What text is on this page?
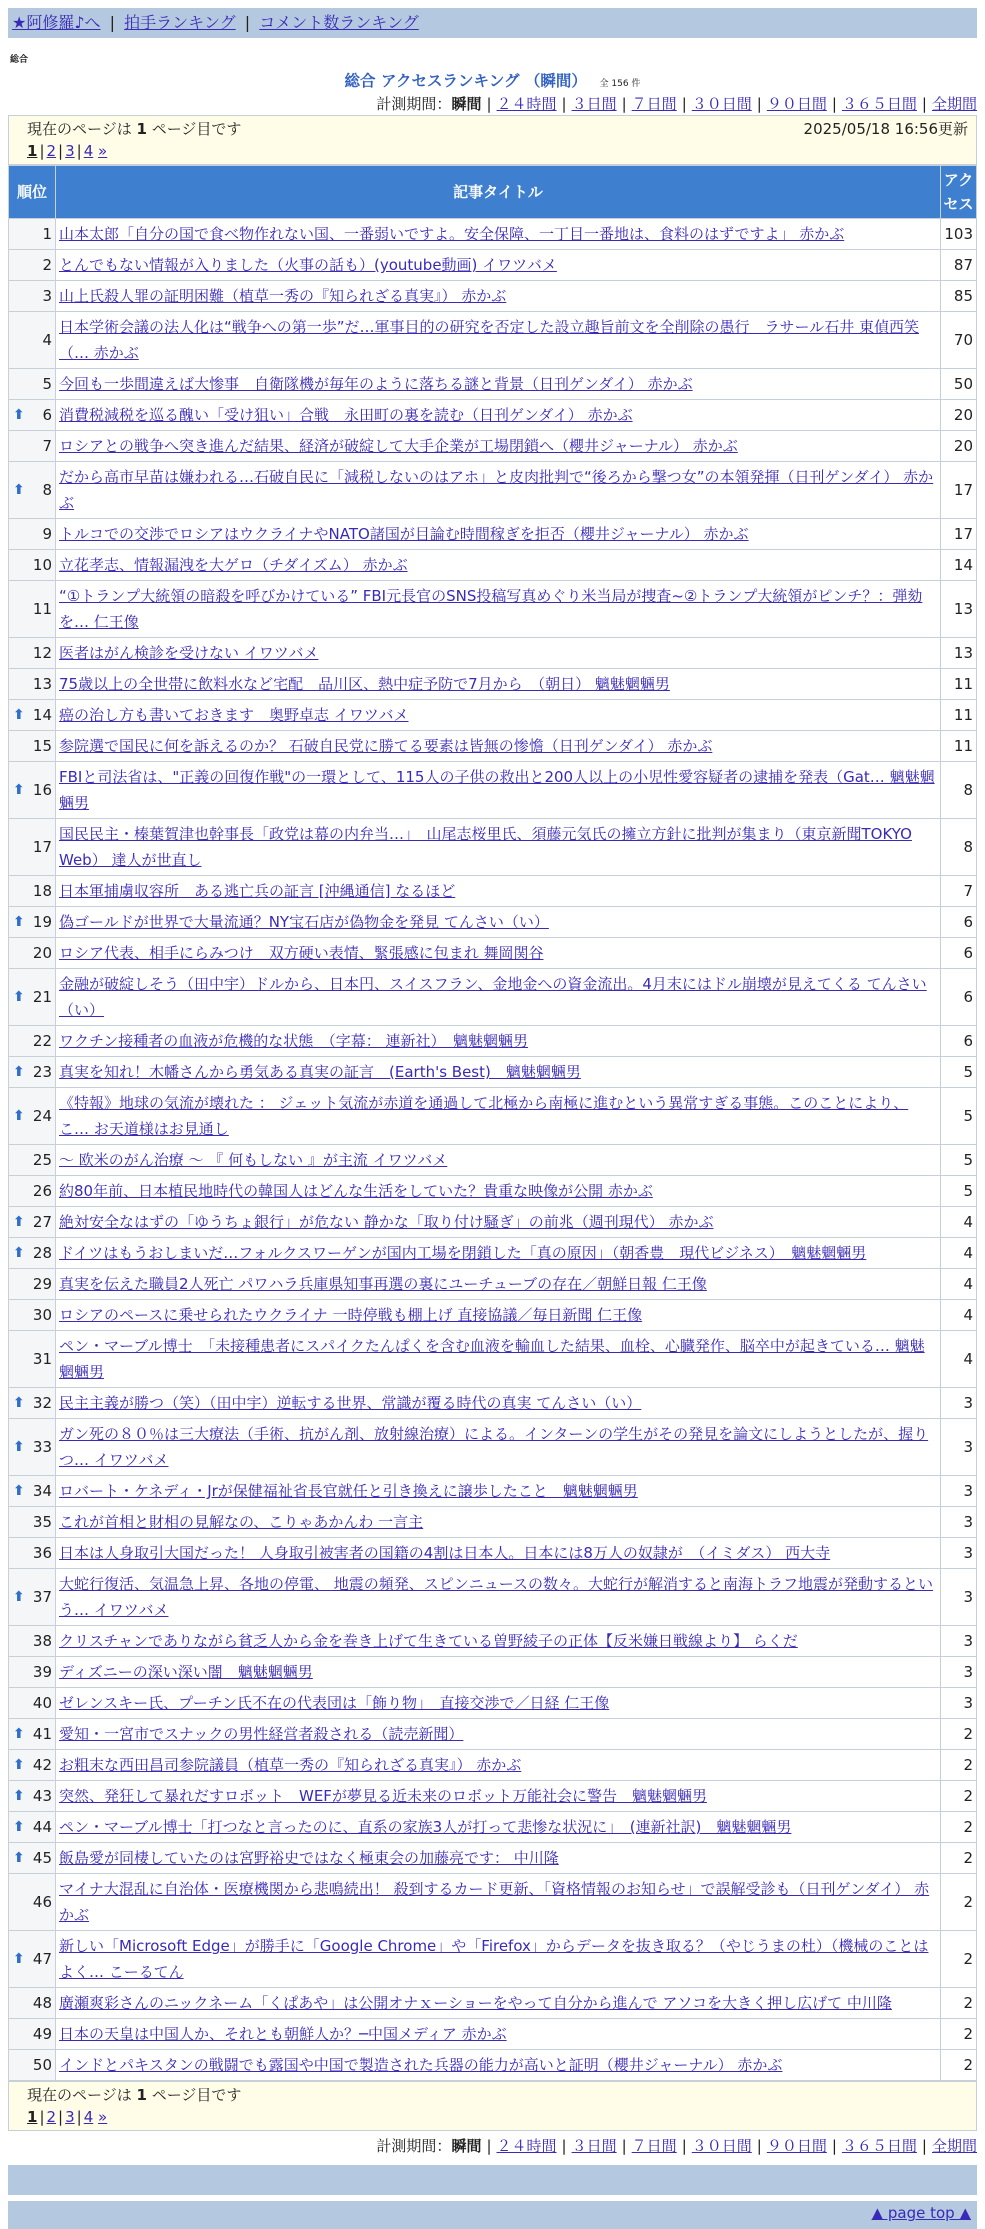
★阿修羅♪へ | 拍手ランキング | コメント数ランキング
総合
総合 アクセスランキング （瞬間） 全 156 件
計測期間：瞬間 | ２４時間 | ３日間 | ７日間 | ３０日間 | ９０日間 | ３６５日間 | 全期間
現在のページは 1 ページ目です	2025/05/18 16:56更新
1 | 2 | 3 | 4 »
順位	記事タイトル	アクセス
1	山本太郎「自分の国で食べ物作れない国、一番弱いですよ。安全保障、一丁目一番地は、食料のはずですよ」 赤かぶ	103
2	とんでもない情報が入りました（火事の話も）(youtube動画) イワツバメ	87
3	山上氏殺人罪の証明困難（植草一秀の『知られざる真実』） 赤かぶ	85
4	日本学術会議の法人化は“戦争への第一歩”だ…軍事目的の研究を否定した設立趣旨前文を全削除の愚行　ラサール石井 東偵西笑（… 赤かぶ	70
5	今回も一歩間違えば大惨事　自衛隊機が毎年のように落ちる謎と背景（日刊ゲンダイ） 赤かぶ	50

⬆ 6	消費税減税を巡る醜い「受け狙い」合戦　永田町の裏を読む（日刊ゲンダイ） 赤かぶ	20
7	ロシアとの戦争へ突き進んだ結果、経済が破綻して大手企業が工場閉鎖へ（櫻井ジャーナル） 赤かぶ	20

⬆ 8	だから高市早苗は嫌われる…石破自民に「減税しないのはアホ」と皮肉批判で“後ろから撃つ女”の本領発揮（日刊ゲンダイ） 赤かぶ	17
9	トルコでの交渉でロシアはウクライナやNATO諸国が目論む時間稼ぎを拒否（櫻井ジャーナル） 赤かぶ	17
10	立花孝志、情報漏洩を大ゲロ（チダイズム） 赤かぶ	14
11	“①トランプ大統領の暗殺を呼びかけている” FBI元長官のSNS投稿写真めぐり米当局が捜査~②トランプ大統領がピンチ？：弾劾を… 仁王像	13
12	医者はがん検診を受けない イワツバメ	13
13	75歳以上の全世帯に飲料水など宅配　品川区、熱中症予防で7月から　（朝日） 魑魅魍魎男	11

⬆ 14	癌の治し方も書いておきます　奥野卓志 イワツバメ	11
15	参院選で国民に何を訴えるのか？ 石破自民党に勝てる要素は皆無の惨憺（日刊ゲンダイ） 赤かぶ	11

⬆ 16	FBIと司法省は、"正義の回復作戦"の一環として、115人の子供の救出と200人以上の小児性愛容疑者の逮捕を発表（Gat… 魑魅魍魎男	8
17	国民民主・榛葉賀津也幹事長「政党は幕の内弁当…」　山尾志桜里氏、須藤元気氏の擁立方針に批判が集まり（東京新聞TOKYO Web） 達人が世直し	8
18	日本軍捕虜収容所　ある逃亡兵の証言 [沖縄通信] なるほど	7

⬆ 19	偽ゴールドが世界で大量流通？NY宝石店が偽物金を発見 てんさい（い）	6
20	ロシア代表、相手にらみつけ　双方硬い表情、緊張感に包まれ 舞岡関谷	6

⬆ 21	金融が破綻しそう（田中宇）ドルから、日本円、スイスフラン、金地金への資金流出。4月末にはドル崩壊が見えてくる てんさい（い）	6
22	ワクチン接種者の血液が危機的な状態　（字幕： 連新社）　魑魅魍魎男	6

⬆ 23	真実を知れ！木幡さんから勇気ある真実の証言　(Earth's Best)　魑魅魍魎男	5

⬆ 24	《特報》地球の気流が壊れた ： ジェット気流が赤道を通過して北極から南極に進むという異常すぎる事態。このことにより、こ… お天道様はお見通し	5
25	〜 欧米のがん治療 〜 『 何もしない 』が主流 イワツバメ	5
26	約80年前、日本植民地時代の韓国人はどんな生活をしていた？貴重な映像が公開 赤かぶ	5

⬆ 27	絶対安全なはずの「ゆうちょ銀行」が危ない 静かな「取り付け騒ぎ」の前兆（週刊現代） 赤かぶ	4

⬆ 28	ドイツはもうおしまいだ…フォルクスワーゲンが国内工場を閉鎖した「真の原因」（朝香豊　現代ビジネス）　魑魅魍魎男	4
29	真実を伝えた職員2人死亡 パワハラ兵庫県知事再選の裏にユーチューブの存在／朝鮮日報 仁王像	4
30	ロシアのペースに乗せられたウクライナ 一時停戦も棚上げ 直接協議／毎日新聞 仁王像	4
31	ペン・マーブル博士　「未接種患者にスパイクたんぱくを含む血液を輸血した結果、血栓、心臓発作、脳卒中が起きている… 魑魅魍魎男	4

⬆ 32	民主主義が勝つ（笑）（田中宇）逆転する世界、常識が覆る時代の真実 てんさい（い）	3

⬆ 33	ガン死の８０％は三大療法（手術、抗がん剤、放射線治療）による。インターンの学生がその発見を論文にしようとしたが、握りつ… イワツバメ	3

⬆ 34	ロバート・ケネディ・Jrが保健福祉省長官就任と引き換えに譲歩したこと　魑魅魍魎男	3
35	これが首相と財相の見解なの、こりゃあかんわ 一言主	3
36	日本は人身取引大国だった！ 人身取引被害者の国籍の4割は日本人。日本には8万人の奴隷が　（イミダス） 西大寺	3

⬆ 37	大蛇行復活、気温急上昇、各地の停電、 地震の頻発、スピンニュースの数々。大蛇行が解消すると南海トラフ地震が発動するという… イワツバメ	3
38	クリスチャンでありながら貧乏人から金を巻き上げて生きている曽野綾子の正体【反米嫌日戦線より】 らくだ	3
39	ディズニーの深い深い闇　魑魅魍魎男	3
40	ゼレンスキー氏、プーチン氏不在の代表団は「飾り物」　直接交渉で／日経 仁王像	3

⬆ 41	愛知・一宮市でスナックの男性経営者殺される（読売新聞）	2

⬆ 42	お粗末な西田昌司参院議員（植草一秀の『知られざる真実』） 赤かぶ	2

⬆ 43	突然、発狂して暴れだすロボット　WEFが夢見る近未来のロボット万能社会に警告　魑魅魍魎男	2

⬆ 44	ペン・マーブル博士「打つなと言ったのに、直系の家族3人が打って悲惨な状況に」　(連新社訳)　魑魅魍魎男	2

⬆ 45	飯島愛が同棲していたのは宮野裕史ではなく極東会の加藤亮です： 中川隆	2
46	マイナ大混乱に自治体・医療機関から悲鳴続出！ 殺到するカード更新、「資格情報のお知らせ」で誤解受診も（日刊ゲンダイ） 赤かぶ	2

⬆ 47	新しい「Microsoft Edge」が勝手に「Google Chrome」や「Firefox」からデータを抜き取る？（やじうまの杜）（機械のことはよく… こーるてん	2
48	廣瀬爽彩さんのニックネーム「くぱあや」は公開オナｘーショーをやって自分から進んで アソコを大きく押し広げて 中川隆	2
49	日本の天皇は中国人か、それとも朝鮮人か？─中国メディア 赤かぶ	2
50	インドとパキスタンの戦闘でも露国や中国で製造された兵器の能力が高いと証明（櫻井ジャーナル） 赤かぶ	2
現在のページは 1 ページ目です
1 | 2 | 3 | 4 »
計測期間：瞬間 | ２４時間 | ３日間 | ７日間 | ３０日間 | ９０日間 | ３６５日間 | 全期間
▲ page top ▲
